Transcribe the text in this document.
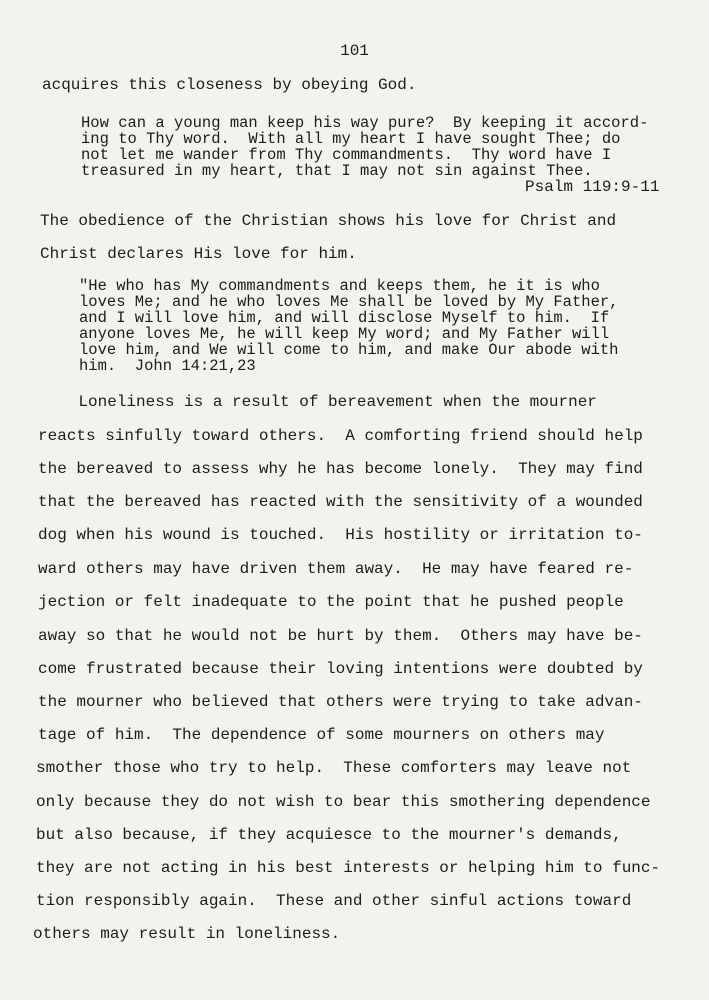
101
acquires this closeness by obeying God.
How can a young man keep his way pure?  By keeping it accord-
ing to Thy word.  With all my heart I have sought Thee; do
not let me wander from Thy commandments.  Thy word have I
treasured in my heart, that I may not sin against Thee.
Psalm 119:9-11
The obedience of the Christian shows his love for Christ and
Christ declares His love for him.
"He who has My commandments and keeps them, he it is who
loves Me; and he who loves Me shall be loved by My Father,
and I will love him, and will disclose Myself to him.  If
anyone loves Me, he will keep My word; and My Father will
love him, and We will come to him, and make Our abode with
him.  John 14:21,23
Loneliness is a result of bereavement when the mourner
reacts sinfully toward others.  A comforting friend should help
the bereaved to assess why he has become lonely.  They may find
that the bereaved has reacted with the sensitivity of a wounded
dog when his wound is touched.  His hostility or irritation to-
ward others may have driven them away.  He may have feared re-
jection or felt inadequate to the point that he pushed people
away so that he would not be hurt by them.  Others may have be-
come frustrated because their loving intentions were doubted by
the mourner who believed that others were trying to take advan-
tage of him.  The dependence of some mourners on others may
smother those who try to help.  These comforters may leave not
only because they do not wish to bear this smothering dependence
but also because, if they acquiesce to the mourner's demands,
they are not acting in his best interests or helping him to func-
tion responsibly again.  These and other sinful actions toward
others may result in loneliness.
